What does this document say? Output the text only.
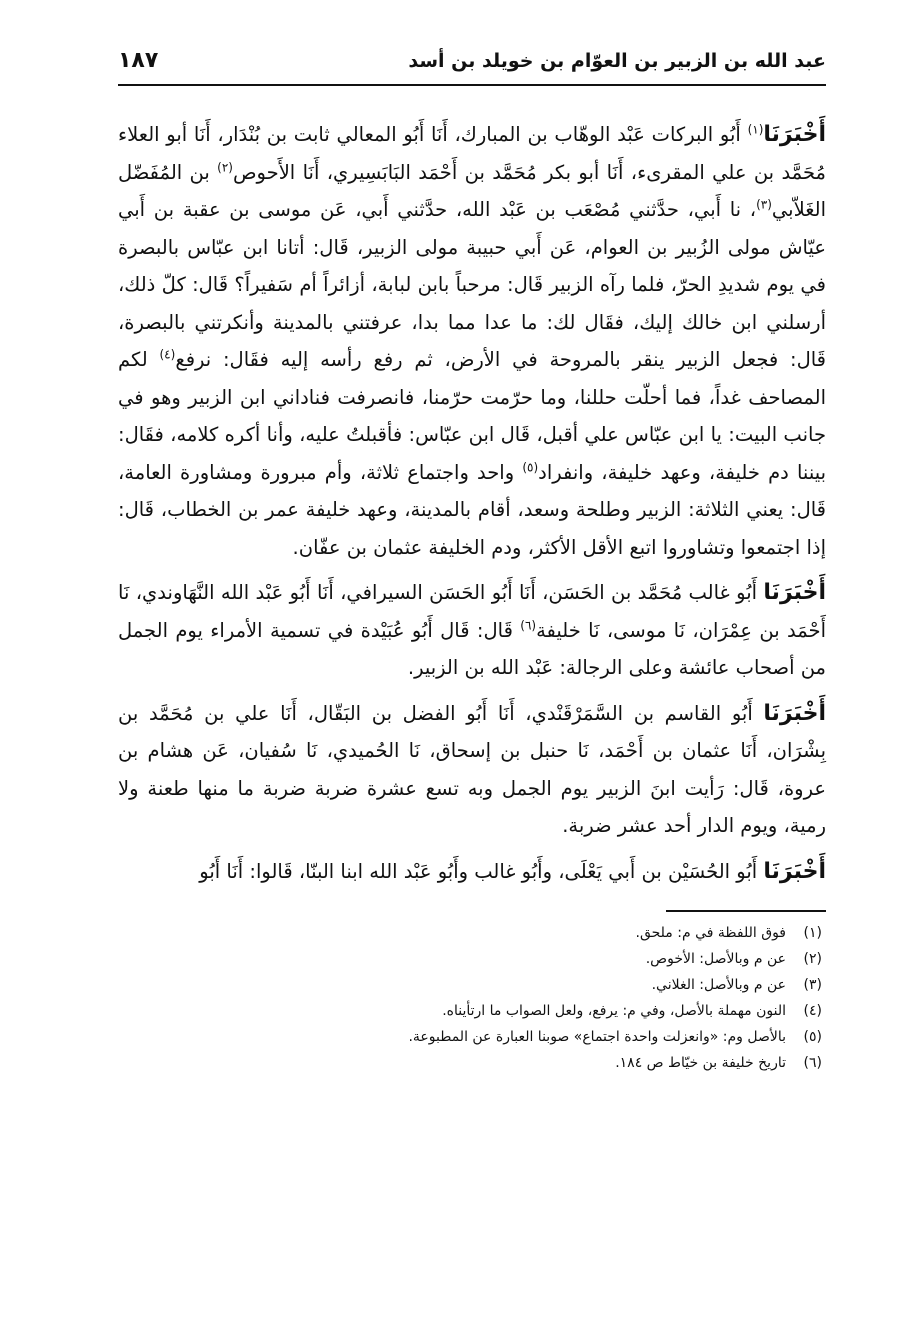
عبد الله بن الزبير بن العوّام بن خويلد بن أسد
١٨٧

أَخْبَرَنَا$^{(١)}$ أَبُو البركات عَبْد الوهّاب بن المبارك، أَنَا أَبُو المعالي ثابت بن بُنْدَار، أَنَا أبو العلاء مُحَمَّد بن علي المقرىء، أَنَا أبو بكر مُحَمَّد بن أَحْمَد البَابَسِيري، أَنَا الأَحوص$^{(٢)}$ بن المُفَضّل الغَلاّبي$^{(٣)}$، نا أَبي، حدَّثني مُصْعَب بن عَبْد الله، حدَّثني أَبي، عَن موسى بن عقبة بن أَبي عيّاش مولى الزُبير بن العوام، عَن أَبي حبيبة مولى الزبير، قَال: أتانا ابن عبّاس بالبصرة في يوم شديدِ الحرّ، فلما رآه الزبير قَال: مرحباً بابن لبابة، أزائراً أم سَفيراً؟ قَال: كلّ ذلك، أرسلني ابن خالك إليك، فقَال لك: ما عدا مما بدا، عرفتني بالمدينة وأنكرتني بالبصرة، قَال: فجعل الزبير ينقر بالمروحة في الأرض، ثم رفع رأسه إليه فقَال: نرفع$^{(٤)}$ لكم المصاحف غداً، فما أحلّت حللنا، وما حرّمت حرّمنا، فانصرفت فناداني ابن الزبير وهو في جانب البيت: يا ابن عبّاس علي أقبل، قَال ابن عبّاس: فأقبلتُ عليه، وأنا أكره كلامه، فقَال: بيننا دم خليفة، وعهد خليفة، وانفراد$^{(٥)}$ واحد واجتماع ثلاثة، وأم مبرورة ومشاورة العامة، قَال: يعني الثلاثة: الزبير وطلحة وسعد، أقام بالمدينة، وعهد خليفة عمر بن الخطاب، قَال: إذا اجتمعوا وتشاوروا اتبع الأقل الأكثر، ودم الخليفة عثمان بن عفّان.

أَخْبَرَنَا أَبُو غالب مُحَمَّد بن الحَسَن، أَنَا أَبُو الحَسَن السيرافي، أَنَا أَبُو عَبْد الله النَّهَاوندي، نَا أَحْمَد بن عِمْرَان، نَا موسى، نَا خليفة$^{(٦)}$ قَال: قَال أَبُو عُبَيْدة في تسمية الأمراء يوم الجمل من أصحاب عائشة وعلى الرجالة: عَبْد الله بن الزبير.

أَخْبَرَنَا أَبُو القاسم بن السَّمَرْقَنْدي، أَنَا أَبُو الفضل بن البَقّال، أَنَا علي بن مُحَمَّد بن بِشْرَان، أَنَا عثمان بن أَحْمَد، نَا حنبل بن إسحاق، نَا الحُميدي، نَا سُفيان، عَن هشام بن عروة، قَال: رَأيت ابنَ الزبير يوم الجمل وبه تسع عشرة ضربة ضربة ما منها طعنة ولا رمية، ويوم الدار أحد عشر ضربة.

أَخْبَرَنَا أَبُو الحُسَيْن بن أَبي يَعْلَى، وأَبُو غالب وأَبُو عَبْد الله ابنا البنّا، قَالوا: أَنَا أَبُو

(١)فوق اللفظة في م: ملحق.

(٢)عن م وبالأصل: الأخوص.

(٣)عن م وبالأصل: الغلاني.

(٤)النون مهملة بالأصل، وفي م: يرفع، ولعل الصواب ما ارتأيناه.

(٥)بالأصل وم: «وانعزلت واحدة اجتماع» صوبنا العبارة عن المطبوعة.

(٦)تاريخ خليفة بن خيّاط ص ١٨٤.
